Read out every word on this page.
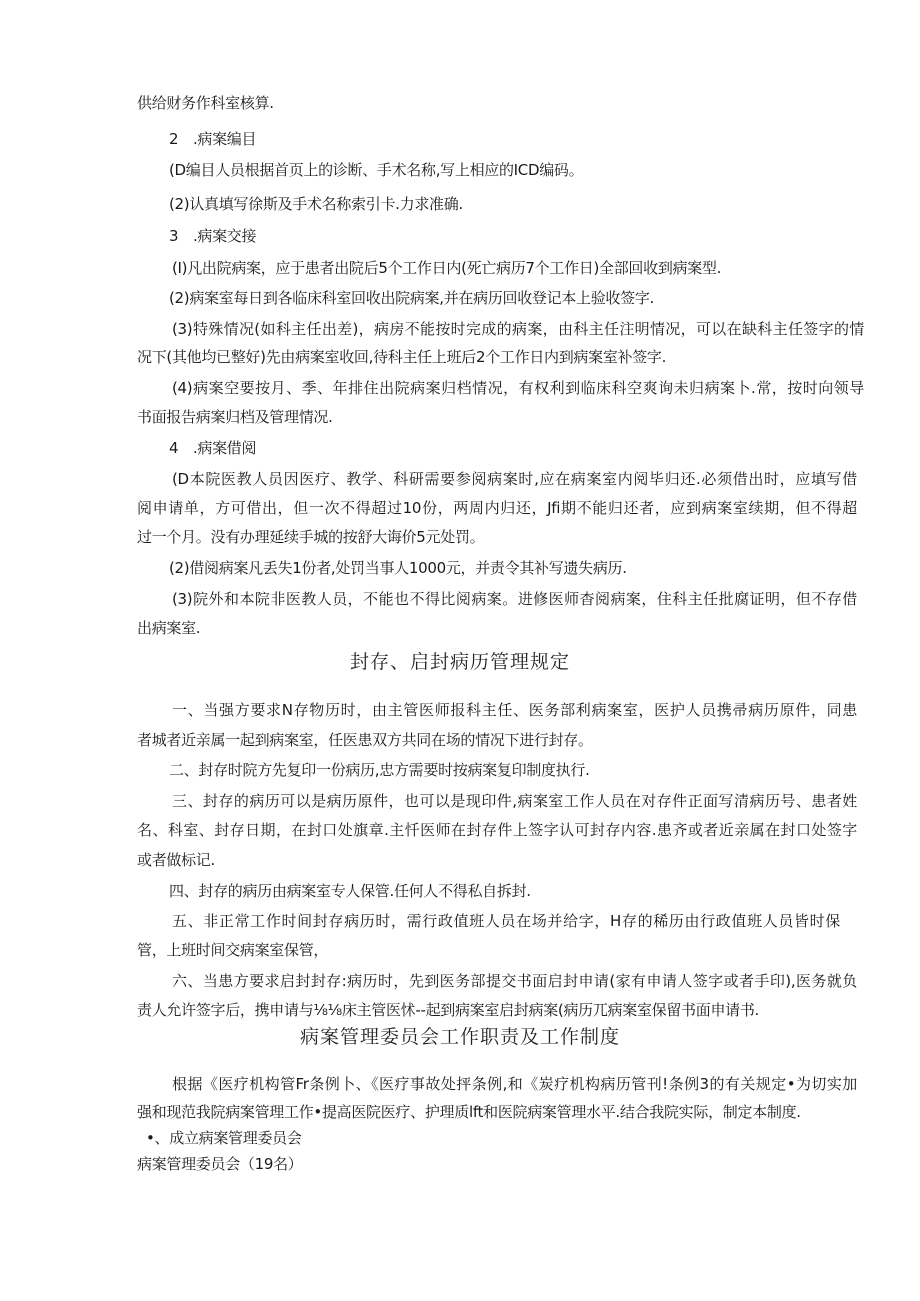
供给财务作科室核算.
2　.病案编目
(D编目人员根据首页上的诊断、手术名称,写上相应的ICD编码。
(2)认真填写徐斯及手术名称索引卡.力求准确.
3　.病案交接
(I)凡出院病案，应于患者出院后5个工作日内(死亡病历7个工作日)全部回收到病案型.
(2)病案室每日到各临床科室回收出院病案,并在病历回收登记本上验收签字.
(3)特殊情况(如科主任出差)，病房不能按时完成的病案，由科主任注明情况，可以在缺科主任签字的情
况下(其他均已整好)先由病案室收回,待科主任上班后2个工作日内到病案室补签字.
(4)病案空要按月、季、年排住出院病案归档情况，有权利到临床科空爽询未归病案卜.常，按时向领导
书面报告病案归档及管理情况.
4　.病案借阅
(D本院医教人员因医疗、教学、科研需要参阅病案时,应在病案室内阅毕归还.必须借出时，应填写借
阅申请单，方可借出，但一次不得超过10份，两周内归还，Jfi期不能归还者，应到病案室续期，但不得超
过一个月。没有办理延续手城的按舒大诲价5元处罚。
(2)借阅病案凡丢失1份者,处罚当事人1000元，并责令其补写遗失病历.
(3)院外和本院非医教人员，不能也不得比阅病案。进修医师杳阅病案，住科主任批腐证明，但不存借
出病案室.
封存、启封病历管理规定
一、当强方要求N存物历时，由主管医师报科主任、医务部利病案室，医护人员携帚病历原件，同患
者城者近亲属一起到病案室，任医患双方共同在场的情况下进行封存。
二、封存时院方先复印一份病历,忠方需要时按病案复印制度执行.
三、封存的病历可以是病历原件，也可以是现印件,病案室工作人员在对存件正面写清病历号、患者姓
名、科室、封存日期，在封口处旗章.主忏医师在封存件上签字认可封存内容.患齐或者近亲属在封口处签字
或者做标记.
四、封存的病历由病案室专人保管.任何人不得私自拆封.
五、非正常工作时间封存病历时，需行政值班人员在场并给字，H存的稀历由行政值班人员皆时保
管，上班时间交病案室保管，
六、当患方要求启封封存:病历时，先到医务部提交书面启封申请(家有申请人签字或者手印),医务就负
责人允许签字后，携申请与⅛⅛床主管医怵--起到病案室启封病案(病历兀病案室保留书面申请书.
病案管理委员会工作职责及工作制度
根据《医疗机构管Fr条例卜、《医疗事故处抨条例,和《炭疗机构病历管刊!条例3的有关规定•为切实加
强和现范我院病案管理工作•提高医院医疗、护理质lft和医院病案管理水平.结合我院实际，制定本制度.
•、成立病案管理委员会
病案管理委员会（19名）
